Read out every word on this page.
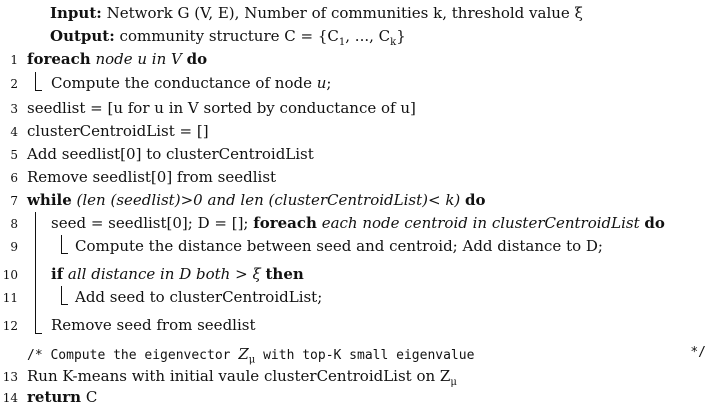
Input: Network G (V, E), Number of communities k, threshold value ξ
Output: community structure $C = \{C_1$, ..., $C_k$}
1 foreach node u in V do
2 Compute the conductance of node u;
3 seedlist = [u for u in V sorted by conductance of u]
4 clusterCentroidList = []
5 Add seedlist[0] to clusterCentroidList
6 Remove seedlist[0] from seedlist
7 while (len (seedlist)>0 and len (clusterCentroidList)< k) do
8 seed = seedlist[0]; D = []; foreach each node centroid in clusterCentroidList do
9	Compute the distance between seed and centroid; Add distance to D;
10 if all distance in D both > ξ then
11	Add seed to clusterCentroidList;
12 Remove seed from seedlist
/* Compute the eigenvector $Z_\mu$ with top-K small eigenvalue	*/
13 Run K-means with initial vaule clusterCentroidList on $Z_\mu$
14 return C
